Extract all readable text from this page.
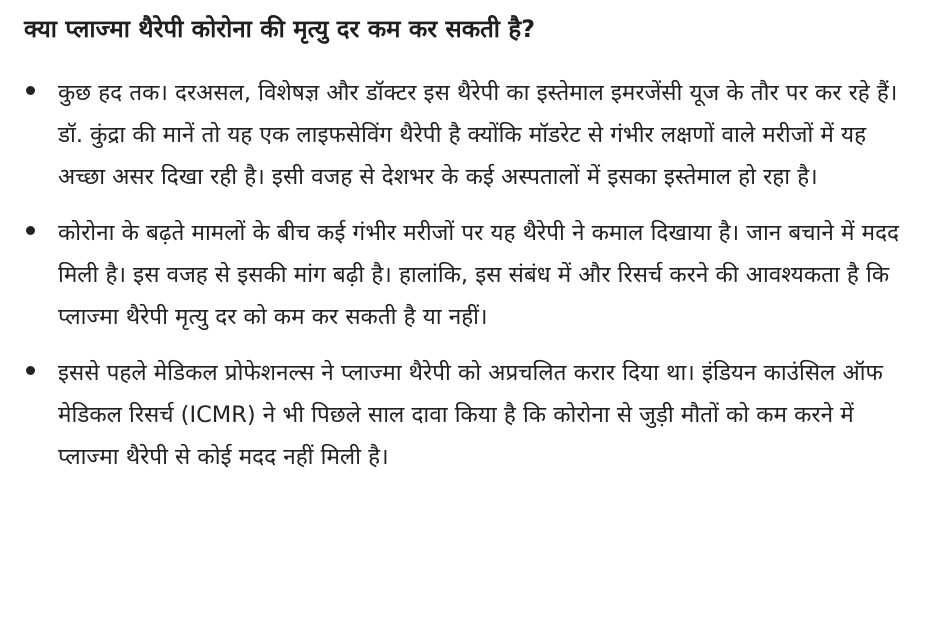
क्या प्लाज्मा थैरेपी कोरोना की मृत्यु दर कम कर सकती है?
कुछ हद तक। दरअसल, विशेषज्ञ और डॉक्टर इस थैरेपी का इस्तेमाल इमरजेंसी यूज के तौर पर कर रहे हैं। डॉ. कुंद्रा की मानें तो यह एक लाइफसेविंग थैरेपी है क्योंकि मॉडरेट से गंभीर लक्षणों वाले मरीजों में यह अच्छा असर दिखा रही है। इसी वजह से देशभर के कई अस्पतालों में इसका इस्तेमाल हो रहा है।
कोरोना के बढ़ते मामलों के बीच कई गंभीर मरीजों पर यह थैरेपी ने कमाल दिखाया है। जान बचाने में मदद मिली है। इस वजह से इसकी मांग बढ़ी है। हालांकि, इस संबंध में और रिसर्च करने की आवश्यकता है कि प्लाज्मा थैरेपी मृत्यु दर को कम कर सकती है या नहीं।
इससे पहले मेडिकल प्रोफेशनल्स ने प्लाज्मा थैरेपी को अप्रचलित करार दिया था। इंडियन काउंसिल ऑफ मेडिकल रिसर्च (ICMR) ने भी पिछले साल दावा किया है कि कोरोना से जुड़ी मौतों को कम करने में प्लाज्मा थैरेपी से कोई मदद नहीं मिली है।
